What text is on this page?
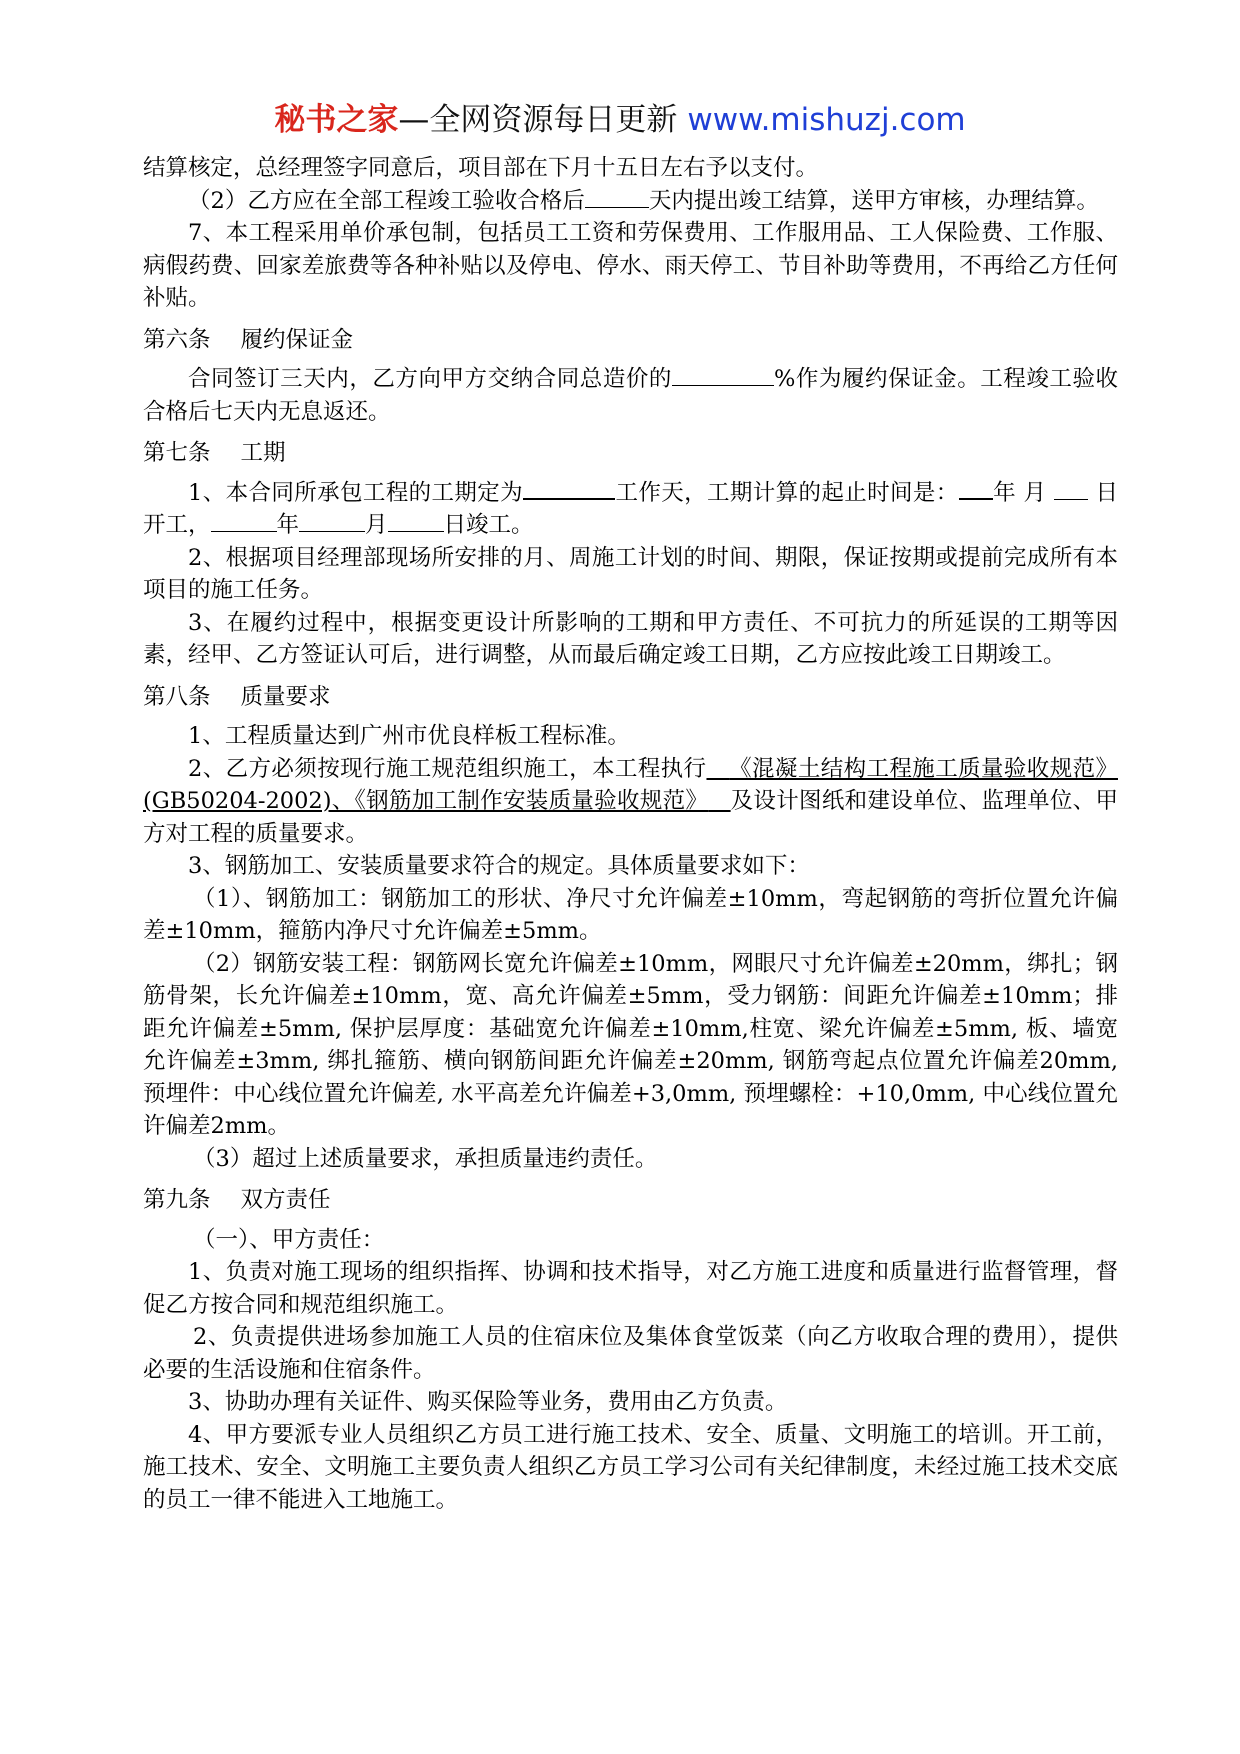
秘书之家—全网资源每日更新 www.mishuzj.com

结算核定，总经理签字同意后，项目部在下月十五日左右予以支付。

（2）乙方应在全部工程竣工验收合格后	天内提出竣工结算，送甲方审核，办理结算。

7、本工程采用单价承包制，包括员工工资和劳保费用、工作服用品、工人保险费、工作服、病假药费、回家差旅费等各种补贴以及停电、停水、雨天停工、节目补助等费用，不再给乙方任何补贴。

第六条 履约保证金

合同签订三天内，乙方向甲方交纳合同总造价的	%作为履约保证金。工程竣工验收合格后七天内无息返还。

第七条 工期

1、本合同所承包工程的工期定为	工作天，工期计算的起止时间是： 年 月 日开工，	年	月 日竣工。

2、根据项目经理部现场所安排的月、周施工计划的时间、期限，保证按期或提前完成所有本项目的施工任务。

3、在履约过程中，根据变更设计所影响的工期和甲方责任、不可抗力的所延误的工期等因素，经甲、乙方签证认可后，进行调整，从而最后确定竣工日期，乙方应按此竣工日期竣工。

第八条 质量要求

1、工程质量达到广州市优良样板工程标准。

2、乙方必须按现行施工规范组织施工，本工程执行 《混凝土结构工程施工质量验收规范》(GB50204-2002)、《钢筋加工制作安装质量验收规范》 及设计图纸和建设单位、监理单位、甲方对工程的质量要求。

3、钢筋加工、安装质量要求符合的规定。具体质量要求如下：

（1）、钢筋加工：钢筋加工的形状、净尺寸允许偏差±10mm，弯起钢筋的弯折位置允许偏差±10mm，箍筋内净尺寸允许偏差±5mm。

（2）钢筋安装工程：钢筋网长宽允许偏差±10mm，网眼尺寸允许偏差±20mm，绑扎；钢筋骨架，长允许偏差±10mm，宽、高允许偏差±5mm，受力钢筋：间距允许偏差±10mm；排距允许偏差±5mm, 保护层厚度：基础宽允许偏差±10mm,柱宽、梁允许偏差±5mm, 板、墙宽允许偏差±3mm, 绑扎箍筋、横向钢筋间距允许偏差±20mm, 钢筋弯起点位置允许偏差20mm, 预埋件：中心线位置允许偏差, 水平高差允许偏差+3,0mm, 预埋螺栓：+10,0mm, 中心线位置允许偏差2mm。

（3）超过上述质量要求，承担质量违约责任。

第九条 双方责任

（一）、甲方责任：

1、负责对施工现场的组织指挥、协调和技术指导，对乙方施工进度和质量进行监督管理，督促乙方按合同和规范组织施工。

2、负责提供进场参加施工人员的住宿床位及集体食堂饭菜（向乙方收取合理的费用），提供必要的生活设施和住宿条件。

3、协助办理有关证件、购买保险等业务，费用由乙方负责。

4、甲方要派专业人员组织乙方员工进行施工技术、安全、质量、文明施工的培训。开工前，施工技术、安全、文明施工主要负责人组织乙方员工学习公司有关纪律制度，未经过施工技术交底的员工一律不能进入工地施工。
